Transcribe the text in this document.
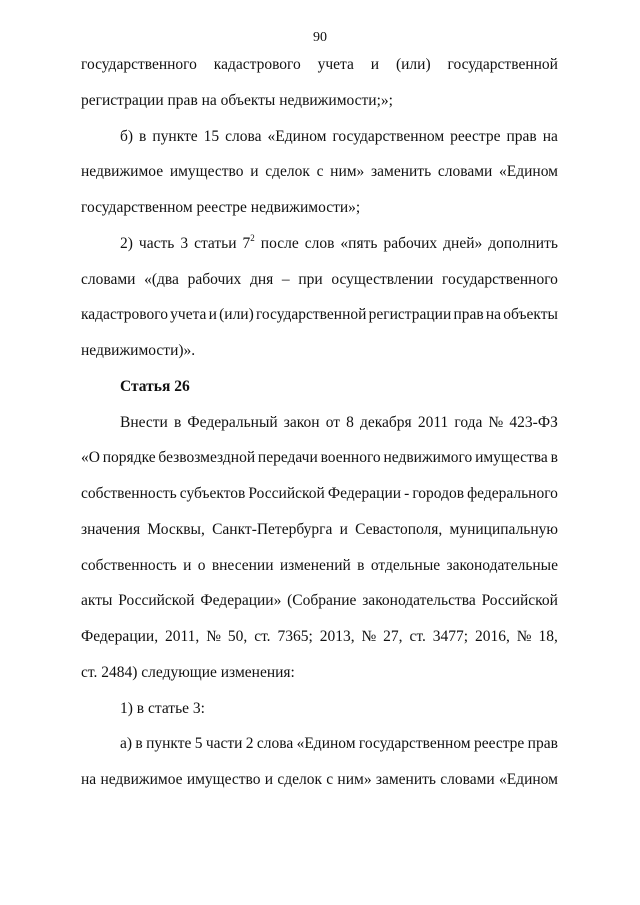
90
государственного кадастрового учета и (или) государственной
регистрации прав на объекты недвижимости;»;
б) в пункте 15 слова «Едином государственном реестре прав на
недвижимое имущество и сделок с ним» заменить словами «Едином
государственном реестре недвижимости»;
2) часть 3 статьи $7^2$ после слов «пять рабочих дней» дополнить
словами «(два рабочих дня – при осуществлении государственного
кадастрового учета и (или) государственной регистрации прав на объекты
недвижимости)».
Статья 26
Внести в Федеральный закон от 8 декабря 2011 года № 423-ФЗ
«О порядке безвозмездной передачи военного недвижимого имущества в
собственность субъектов Российской Федерации - городов федерального
значения Москвы, Санкт-Петербурга и Севастополя, муниципальную
собственность и о внесении изменений в отдельные законодательные
акты Российской Федерации» (Собрание законодательства Российской
Федерации, 2011, № 50, ст. 7365; 2013, № 27, ст. 3477; 2016, № 18,
ст. 2484) следующие изменения:
1) в статье 3:
а) в пункте 5 части 2 слова «Едином государственном реестре прав
на недвижимое имущество и сделок с ним» заменить словами «Едином
